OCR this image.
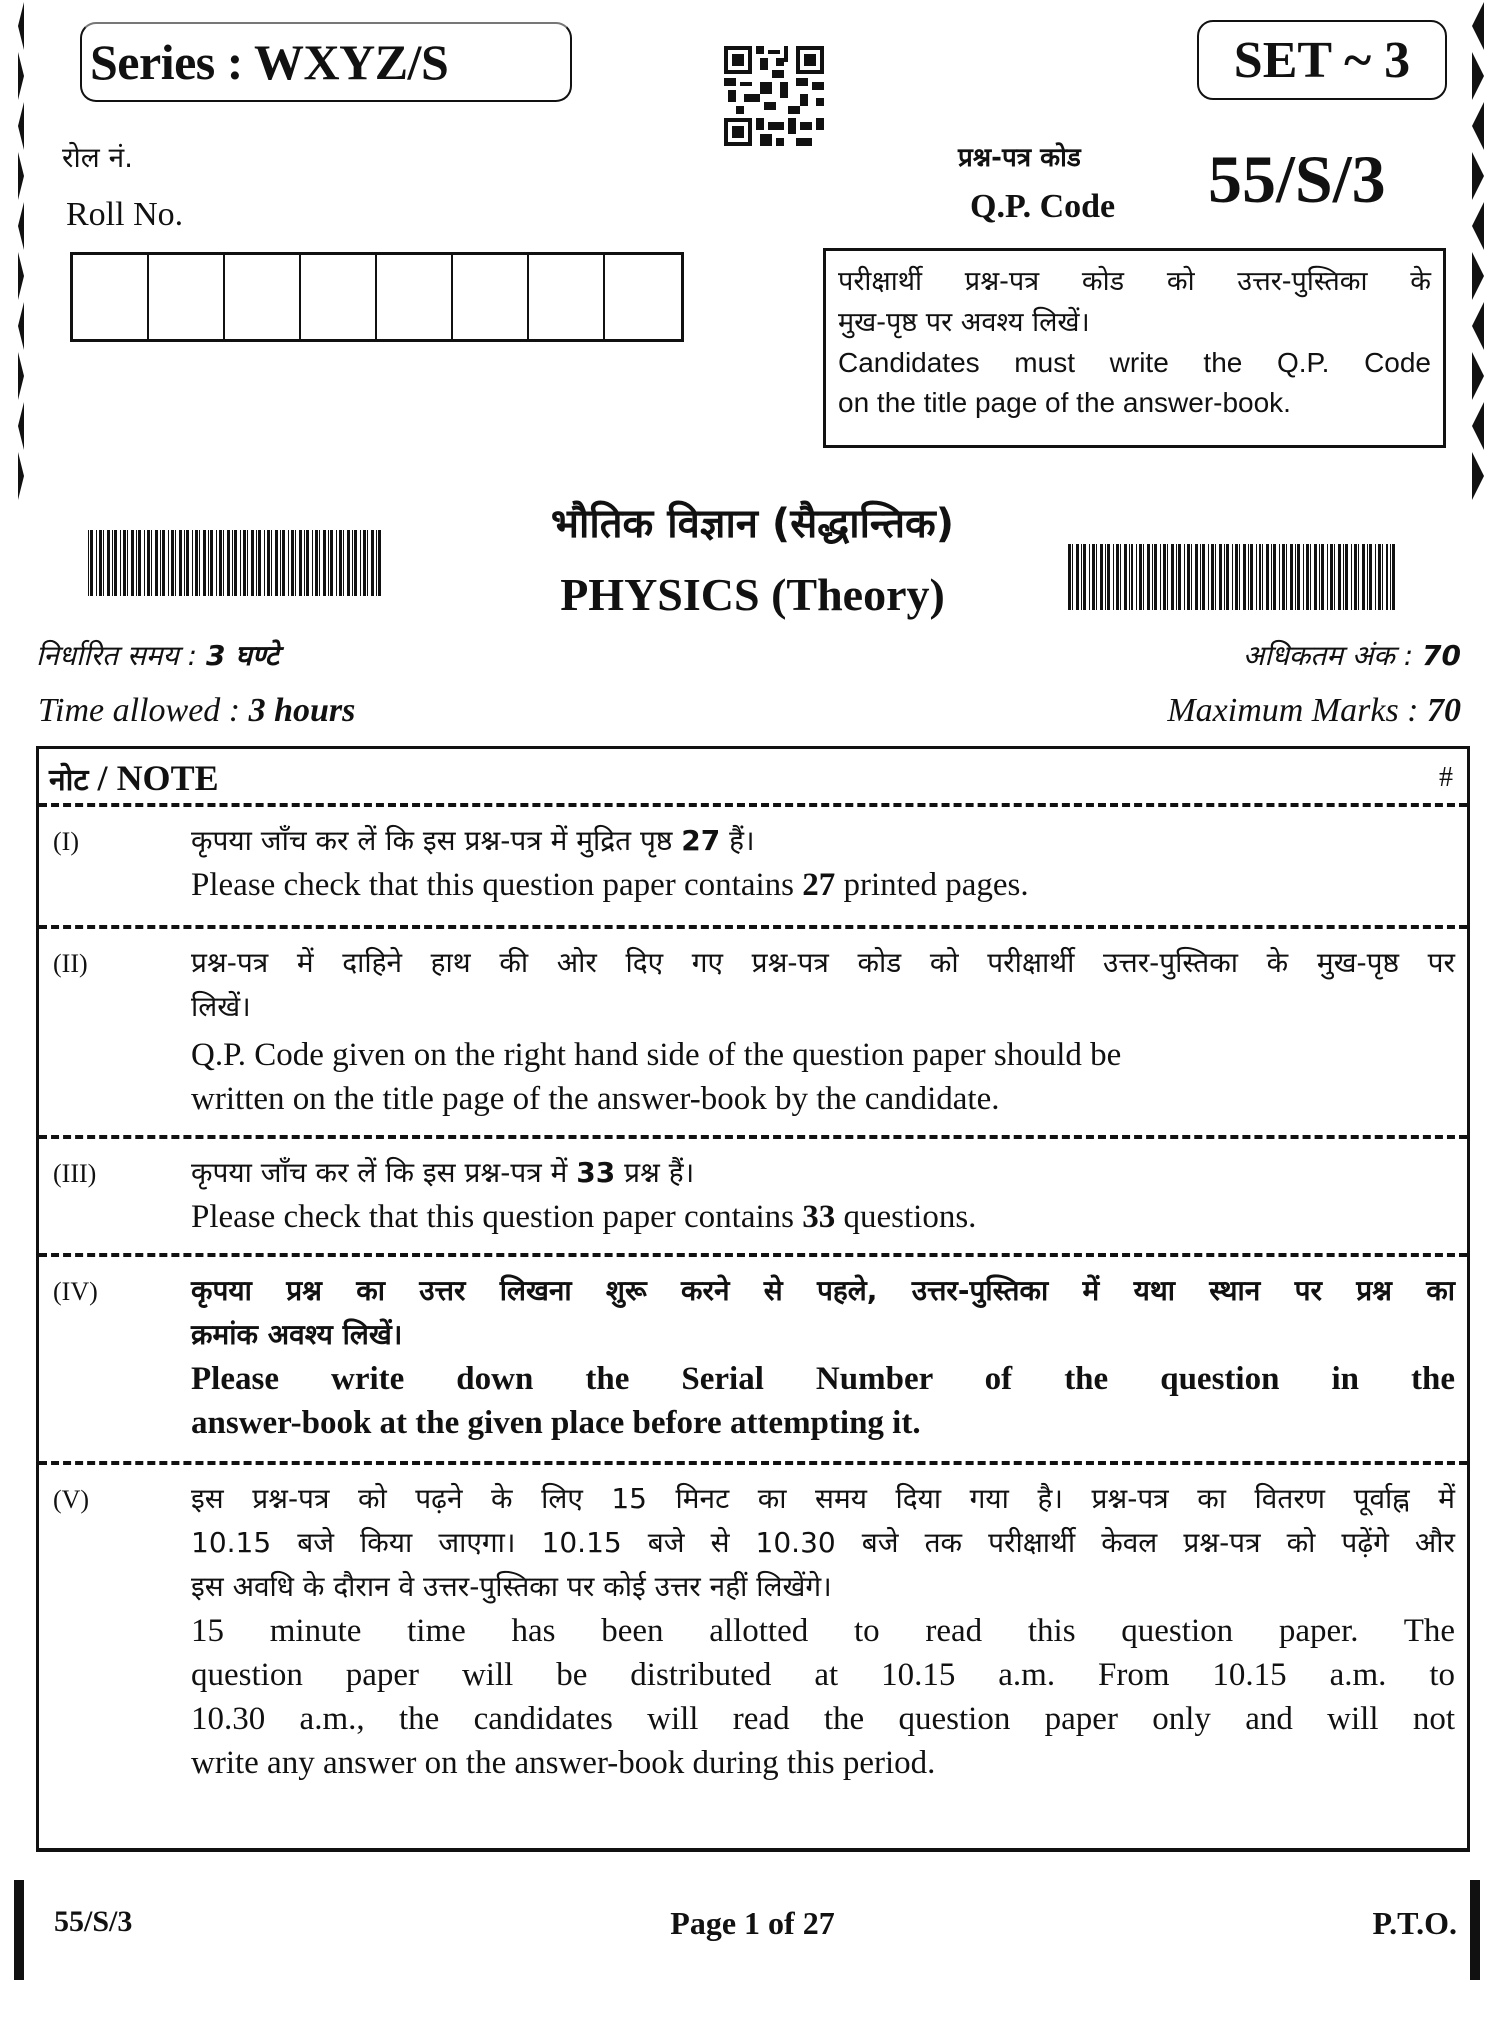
Series : WXYZ/S	SET ~ 3
रोल नं.
Roll No.
प्रश्न-पत्र कोड
Q.P. Code 55/S/3
परीक्षार्थी प्रश्न-पत्र कोड को उत्तर-पुस्तिका के
मुख-पृष्ठ पर अवश्य लिखें।
Candidates must write the Q.P. Code
on the title page of the answer-book.
भौतिक विज्ञान (सैद्धान्तिक)
PHYSICS (Theory)
निर्धारित समय : 3 घण्टे
Time allowed : 3 hours
अधिकतम अंक : 70
Maximum Marks : 70
नोट / NOTE	#
(I)	कृपया जाँच कर लें कि इस प्रश्न-पत्र में मुद्रित पृष्ठ 27 हैं।
Please check that this question paper contains 27 printed pages.
(II)	प्रश्न-पत्र में दाहिने हाथ की ओर दिए गए प्रश्न-पत्र कोड को परीक्षार्थी उत्तर-पुस्तिका के मुख-पृष्ठ पर
लिखें।
Q.P. Code given on the right hand side of the question paper should be
written on the title page of the answer-book by the candidate.
(III)	कृपया जाँच कर लें कि इस प्रश्न-पत्र में 33 प्रश्न हैं।
Please check that this question paper contains 33 questions.
(IV)	कृपया प्रश्न का उत्तर लिखना शुरू करने से पहले, उत्तर-पुस्तिका में यथा स्थान पर प्रश्न का
क्रमांक अवश्य लिखें।
Please write down the Serial Number of the question in the
answer-book at the given place before attempting it.
(V)	इस प्रश्न-पत्र को पढ़ने के लिए 15 मिनट का समय दिया गया है। प्रश्न-पत्र का वितरण पूर्वाह्न में
10.15 बजे किया जाएगा। 10.15 बजे से 10.30 बजे तक परीक्षार्थी केवल प्रश्न-पत्र को पढ़ेंगे और
इस अवधि के दौरान वे उत्तर-पुस्तिका पर कोई उत्तर नहीं लिखेंगे।
15 minute time has been allotted to read this question paper. The
question paper will be distributed at 10.15 a.m. From 10.15 a.m. to
10.30 a.m., the candidates will read the question paper only and will not
write any answer on the answer-book during this period.
55/S/3	Page 1 of 27	P.T.O.
